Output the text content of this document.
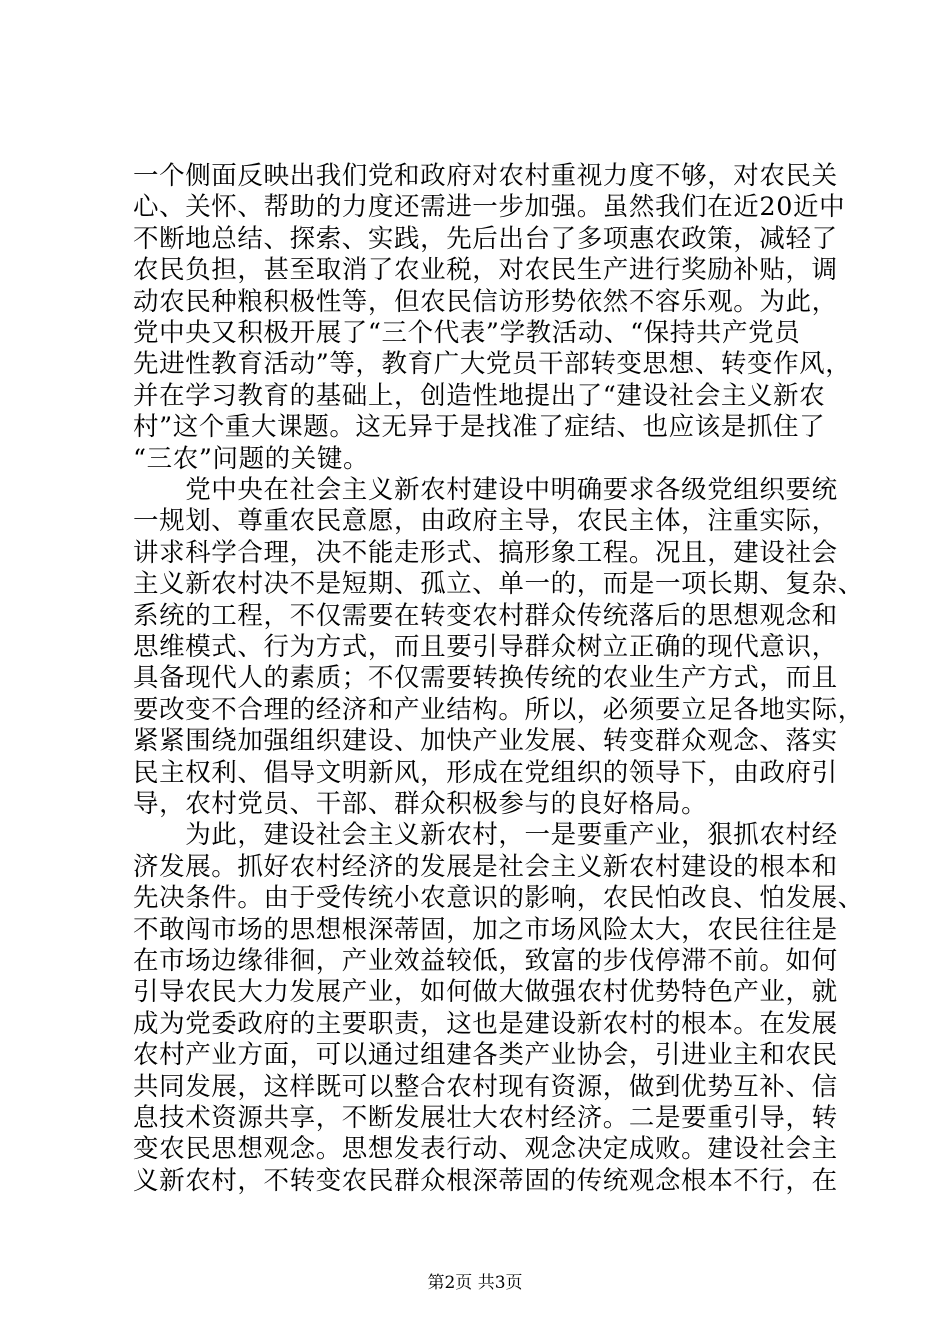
一个侧面反映出我们党和政府对农村重视力度不够，对农民关
心、关怀、帮助的力度还需进一步加强。虽然我们在近20近中
不断地总结、探索、实践，先后出台了多项惠农政策，减轻了
农民负担，甚至取消了农业税，对农民生产进行奖励补贴，调
动农民种粮积极性等，但农民信访形势依然不容乐观。为此，
党中央又积极开展了“三个代表”学教活动、“保持共产党员
先进性教育活动”等，教育广大党员干部转变思想、转变作风，
并在学习教育的基础上，创造性地提出了“建设社会主义新农
村”这个重大课题。这无异于是找准了症结、也应该是抓住了
“三农”问题的关键。
　　党中央在社会主义新农村建设中明确要求各级党组织要统
一规划、尊重农民意愿，由政府主导，农民主体，注重实际，
讲求科学合理，决不能走形式、搞形象工程。况且，建设社会
主义新农村决不是短期、孤立、单一的，而是一项长期、复杂、
系统的工程，不仅需要在转变农村群众传统落后的思想观念和
思维模式、行为方式，而且要引导群众树立正确的现代意识，
具备现代人的素质；不仅需要转换传统的农业生产方式，而且
要改变不合理的经济和产业结构。所以，必须要立足各地实际，
紧紧围绕加强组织建设、加快产业发展、转变群众观念、落实
民主权利、倡导文明新风，形成在党组织的领导下，由政府引
导，农村党员、干部、群众积极参与的良好格局。
　　为此，建设社会主义新农村，一是要重产业，狠抓农村经
济发展。抓好农村经济的发展是社会主义新农村建设的根本和
先决条件。由于受传统小农意识的影响，农民怕改良、怕发展、
不敢闯市场的思想根深蒂固，加之市场风险太大，农民往往是
在市场边缘徘徊，产业效益较低，致富的步伐停滞不前。如何
引导农民大力发展产业，如何做大做强农村优势特色产业，就
成为党委政府的主要职责，这也是建设新农村的根本。在发展
农村产业方面，可以通过组建各类产业协会，引进业主和农民
共同发展，这样既可以整合农村现有资源，做到优势互补、信
息技术资源共享，不断发展壮大农村经济。二是要重引导，转
变农民思想观念。思想发表行动、观念决定成败。建设社会主
义新农村，不转变农民群众根深蒂固的传统观念根本不行，在
第2页 共3页
